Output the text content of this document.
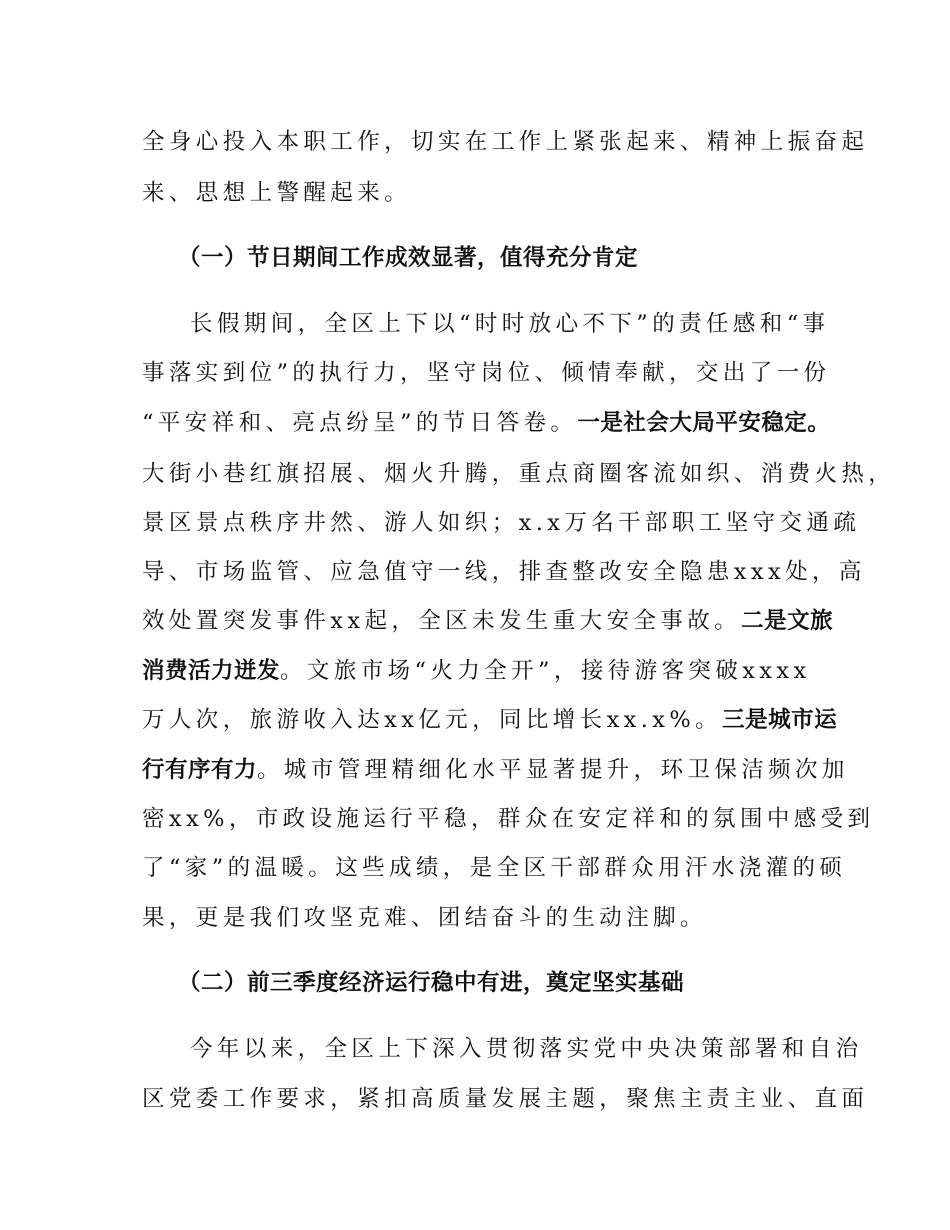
全身心投入本职工作，切实在工作上紧张起来、精神上振奋起
来、思想上警醒起来。
（一）节日期间工作成效显著，值得充分肯定
长假期间，全区上下以“时时放心不下”的责任感和“事
事落实到位”的执行力，坚守岗位、倾情奉献，交出了一份
“平安祥和、亮点纷呈”的节日答卷。一是社会大局平安稳定。
大街小巷红旗招展、烟火升腾，重点商圈客流如织、消费火热，
景区景点秩序井然、游人如织；x.x万名干部职工坚守交通疏
导、市场监管、应急值守一线，排查整改安全隐患xxx处，高
效处置突发事件xx起，全区未发生重大安全事故。二是文旅
消费活力迸发。文旅市场“火力全开”，接待游客突破xxxx
万人次，旅游收入达xx亿元，同比增长xx.x%。三是城市运
行有序有力。城市管理精细化水平显著提升，环卫保洁频次加
密xx%，市政设施运行平稳，群众在安定祥和的氛围中感受到
了“家”的温暖。这些成绩，是全区干部群众用汗水浇灌的硕
果，更是我们攻坚克难、团结奋斗的生动注脚。
（二）前三季度经济运行稳中有进，奠定坚实基础
今年以来，全区上下深入贯彻落实党中央决策部署和自治
区党委工作要求，紧扣高质量发展主题，聚焦主责主业、直面
